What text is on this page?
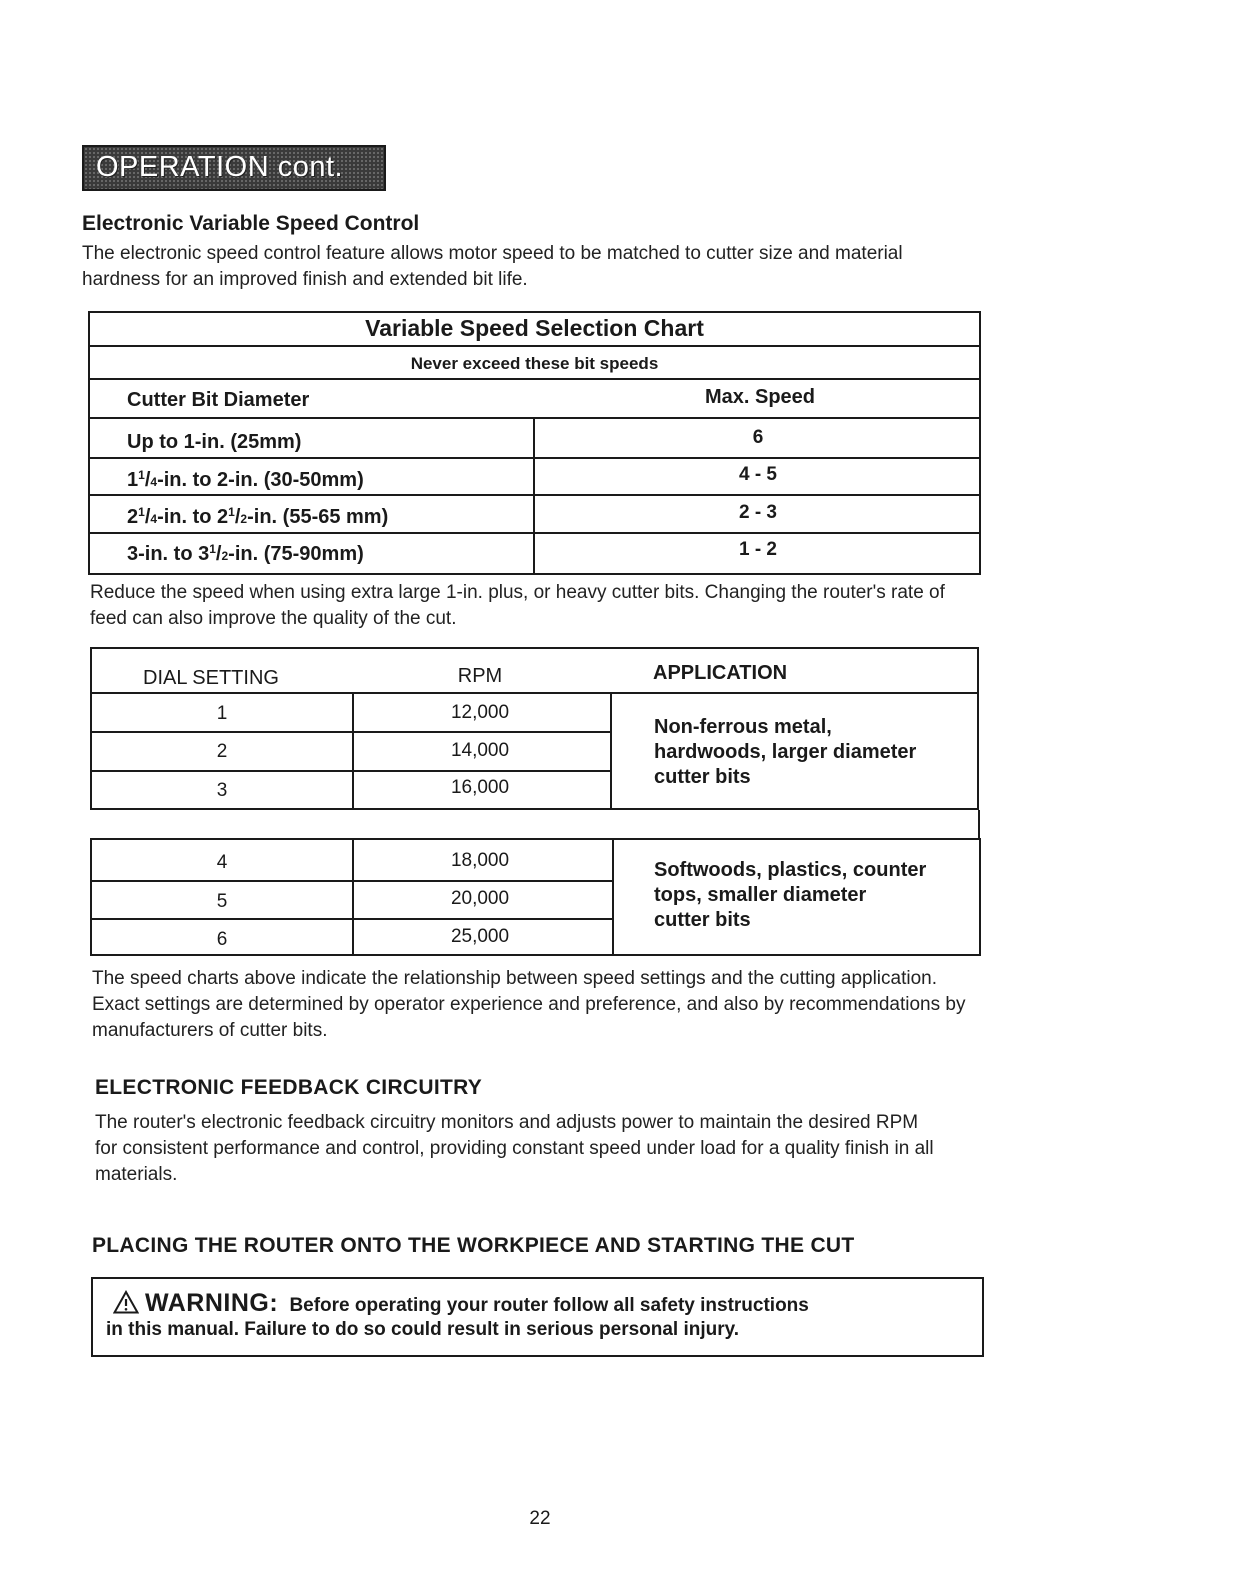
OPERATION cont.
Electronic Variable Speed Control
The electronic speed control feature allows motor speed to be matched to cutter size and material hardness for an improved finish and extended bit life.
Variable Speed Selection Chart
Never exceed these bit speeds
Cutter Bit Diameter	Max. Speed
Up to 1-in. (25mm)	6
$1^1/4-in$. to 2-in. (30-50mm)	4 - 5
$2^1/4-in$. to $2^1/2-in$. (55-65 mm)	2 - 3
3-in. to $3^1/2-in$. (75-90mm)	1 - 2
Reduce the speed when using extra large 1-in. plus, or heavy cutter bits. Changing the router's rate of feed can also improve the quality of the cut.
DIAL SETTING	RPM	APPLICATION
1	12,000
2	14,000
3	16,000
Non-ferrous metal,
hardwoods, larger diameter
cutter bits
4	18,000
5	20,000
6	25,000
Softwoods, plastics, counter
tops, smaller diameter
cutter bits
The speed charts above indicate the relationship between speed settings and the cutting application. Exact settings are determined by operator experience and preference, and also by recommendations by manufacturers of cutter bits.
ELECTRONIC FEEDBACK CIRCUITRY
The router's electronic feedback circuitry monitors and adjusts power to maintain the desired RPM for consistent performance and control, providing constant speed under load for a quality finish in all materials.
PLACING THE ROUTER ONTO THE WORKPIECE AND STARTING THE CUT
WARNING: Before operating your router follow all safety instructions
in this manual. Failure to do so could result in serious personal injury.
22
